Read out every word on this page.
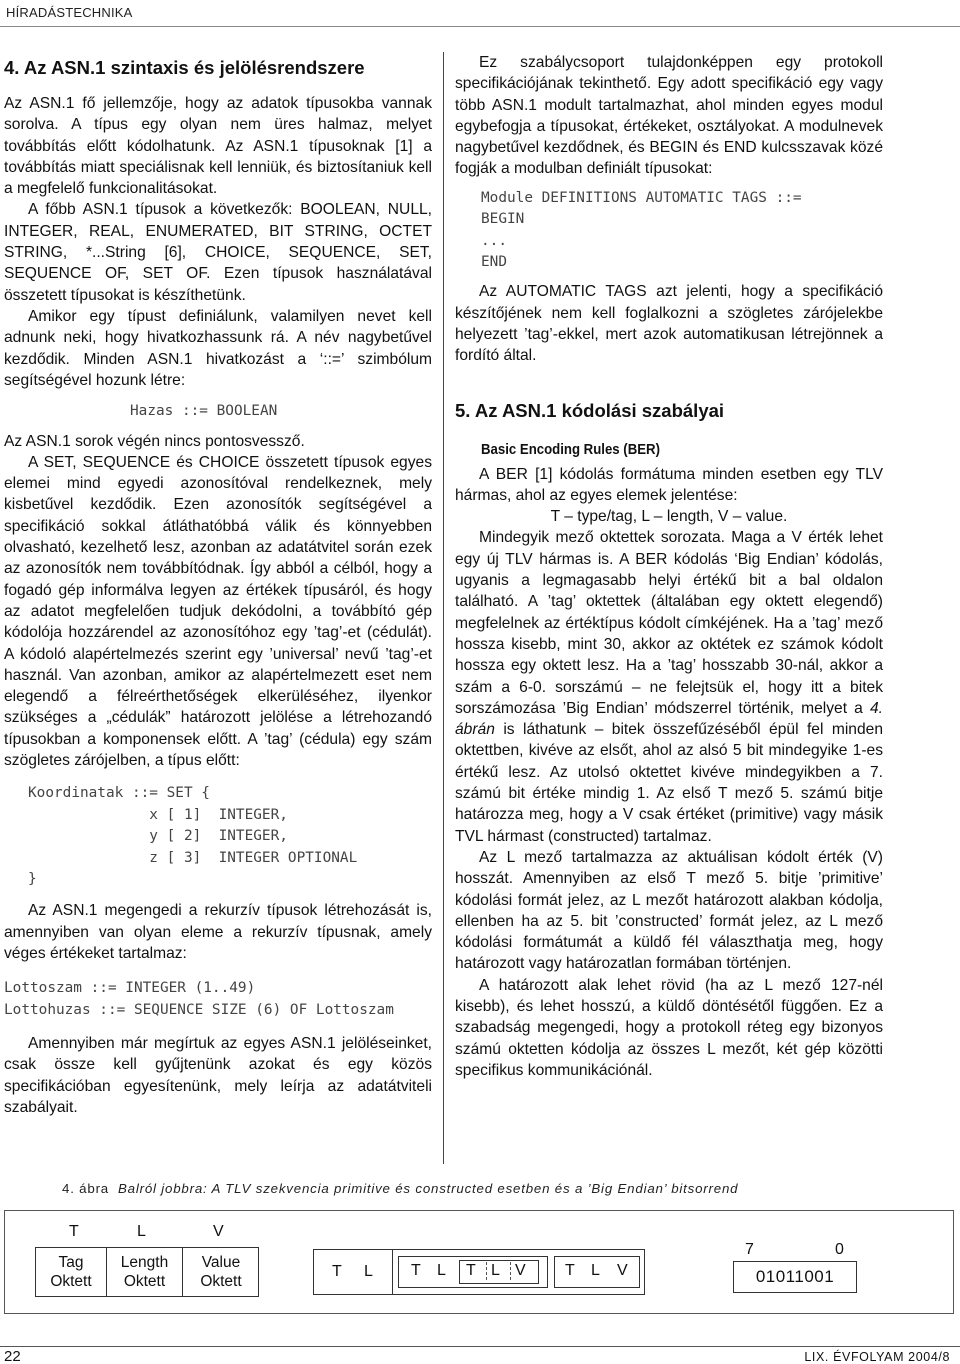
HÍRADÁSTECHNIKA
4. Az ASN.1 szintaxis és jelölésrendszere
Az ASN.1 fő jellemzője, hogy az adatok típusokba vannak sorolva. A típus egy olyan nem üres halmaz, melyet továbbítás előtt kódolhatunk. Az ASN.1 típusoknak [1] a továbbítás miatt speciálisnak kell lenniük, és biztosítaniuk kell a megfelelő funkcionalitásokat.
A főbb ASN.1 típusok a következők: BOOLEAN, NULL, INTEGER, REAL, ENUMERATED, BIT STRING, OCTET STRING, *...String [6], CHOICE, SEQUENCE, SET, SEQUENCE OF, SET OF. Ezen típusok használatával összetett típusokat is készíthetünk.
Amikor egy típust definiálunk, valamilyen nevet kell adnunk neki, hogy hivatkozhassunk rá. A név nagybetűvel kezdődik. Minden ASN.1 hivatkozást a ‘::=’ szimbólum segítségével hozunk létre:
Hazas ::= BOOLEAN
Az ASN.1 sorok végén nincs pontosvessző.
A SET, SEQUENCE és CHOICE összetett típusok egyes elemei mind egyedi azonosítóval rendelkeznek, mely kisbetűvel kezdődik. Ezen azonosítók segítségével a specifikáció sokkal átláthatóbbá válik és könnyebben olvasható, kezelhető lesz, azonban az adatátvitel során ezek az azonosítók nem továbbítódnak. Így abból a célból, hogy a fogadó gép informálva legyen az értékek típusáról, és hogy az adatot megfelelően tudjuk dekódolni, a továbbító gép kódolója hozzárendel az azonosítóhoz egy ’tag’-et (cédulát). A kódoló alapértelmezés szerint egy ’universal’ nevű ’tag’-et használ. Van azonban, amikor az alapértelmezett eset nem elegendő a félreérthetőségek elkerüléséhez, ilyenkor szükséges a „cédulák” határozott jelölése a létrehozandó típusokban a komponensek előtt. A ’tag’ (cédula) egy szám szögletes zárójelben, a típus előtt:
Koordinatak ::= SET {
x [ 1]  INTEGER,
y [ 2]  INTEGER,
z [ 3]  INTEGER OPTIONAL
}
Az ASN.1 megengedi a rekurzív típusok létrehozását is, amennyiben van olyan eleme a rekurzív típusnak, amely véges értékeket tartalmaz:
Lottoszam ::= INTEGER (1..49)
Lottohuzas ::= SEQUENCE SIZE (6) OF Lottoszam
Amennyiben már megírtuk az egyes ASN.1 jelöléseinket, csak össze kell gyűjtenünk azokat és egy közös specifikációban egyesítenünk, mely leírja az adatátviteli szabályait.
Ez szabálycsoport tulajdonképpen egy protokoll specifikációjának tekinthető. Egy adott specifikáció egy vagy több ASN.1 modult tartalmazhat, ahol minden egyes modul egybefogja a típusokat, értékeket, osztályokat. A modulnevek nagybetűvel kezdődnek, és BEGIN és END kulcsszavak közé fogják a modulban definiált típusokat:
Module DEFINITIONS AUTOMATIC TAGS ::=
BEGIN
...
END
Az AUTOMATIC TAGS azt jelenti, hogy a specifikáció készítőjének nem kell foglalkozni a szögletes zárójelekbe helyezett ’tag’-ekkel, mert azok automatikusan létrejönnek a fordító által.
5. Az ASN.1 kódolási szabályai
Basic Encoding Rules (BER)
A BER [1] kódolás formátuma minden esetben egy TLV hármas, ahol az egyes elemek jelentése:
T – type/tag, L – length, V – value.
Mindegyik mező oktettek sorozata. Maga a V érték lehet egy új TLV hármas is. A BER kódolás ‘Big Endian’ kódolás, ugyanis a legmagasabb helyi értékű bit a bal oldalon található. A ’tag’ oktettek (általában egy oktett elegendő) megfelelnek az értéktípus kódolt címkéjének. Ha a ’tag’ mező hossza kisebb, mint 30, akkor az oktétek ez számok kódolt hossza egy oktett lesz. Ha a ’tag’ hosszabb 30-nál, akkor a szám a 6-0. sorszámú – ne felejtsük el, hogy itt a bitek sorszámozása ’Big Endian’ módszerrel történik, melyet a 4. ábrán is láthatunk – bitek összefűzéséből épül fel minden oktettben, kivéve az elsőt, ahol az alsó 5 bit mindegyike 1-es értékű lesz. Az utolsó oktettet kivéve mindegyikben a 7. számú bit értéke mindig 1. Az első T mező 5. számú bitje határozza meg, hogy a V csak értéket (primitive) vagy másik TVL hármast (constructed) tartalmaz.
Az L mező tartalmazza az aktuálisan kódolt érték (V) hosszát. Amennyiben az első T mező 5. bitje ’primitive’ kódolási formát jelez, az L mezőt határozott alakban kódolja, ellenben ha az 5. bit ’constructed’ formát jelez, az L mező kódolási formátumát a küldő fél választhatja meg, hogy határozott vagy határozatlan formában történjen.
A határozott alak lehet rövid (ha az L mező 127-nél kisebb), és lehet hosszú, a küldő döntésétől függően. Ez a szabadság megengedi, hogy a protokoll réteg egy bizonyos számú oktetten kódolja az összes L mezőt, két gép közötti specifikus kommunikációnál.
4. ábra Balról jobbra: A TLV szekvencia primitive és constructed esetben és a ’Big Endian’ bitsorrend
T	L	V
Tag
Oktett
Length
Oktett
Value
Oktett
T L T L T L V T L V
7	0
01011001
22	LIX. ÉVFOLYAM 2004/8
